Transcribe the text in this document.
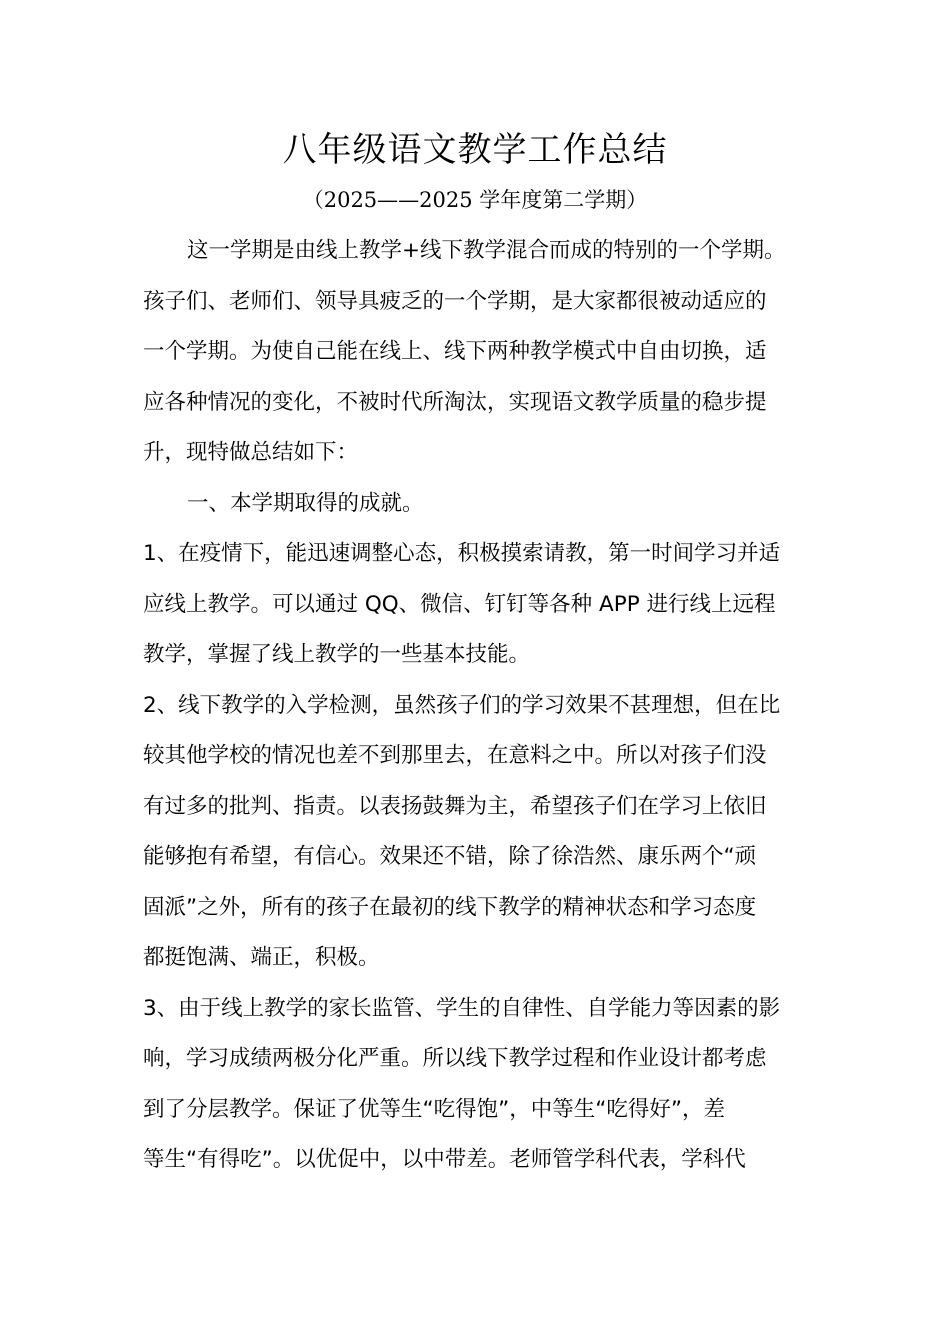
八年级语文教学工作总结
（2025——2025 学年度第二学期）
这一学期是由线上教学+线下教学混合而成的特别的一个学期。
孩子们、老师们、领导具疲乏的一个学期，是大家都很被动适应的
一个学期。为使自己能在线上、线下两种教学模式中自由切换，适
应各种情况的变化，不被时代所淘汰，实现语文教学质量的稳步提
升，现特做总结如下：
一、本学期取得的成就。
1、在疫情下，能迅速调整心态，积极摸索请教，第一时间学习并适
应线上教学。可以通过 QQ、微信、钉钉等各种 APP 进行线上远程
教学，掌握了线上教学的一些基本技能。
2、线下教学的入学检测，虽然孩子们的学习效果不甚理想，但在比
较其他学校的情况也差不到那里去，在意料之中。所以对孩子们没
有过多的批判、指责。以表扬鼓舞为主，希望孩子们在学习上依旧
能够抱有希望，有信心。效果还不错，除了徐浩然、康乐两个“顽
固派”之外，所有的孩子在最初的线下教学的精神状态和学习态度
都挺饱满、端正，积极。
3、由于线上教学的家长监管、学生的自律性、自学能力等因素的影
响，学习成绩两极分化严重。所以线下教学过程和作业设计都考虑
到了分层教学。保证了优等生“吃得饱”，中等生“吃得好”，差
等生“有得吃”。以优促中，以中带差。老师管学科代表，学科代
